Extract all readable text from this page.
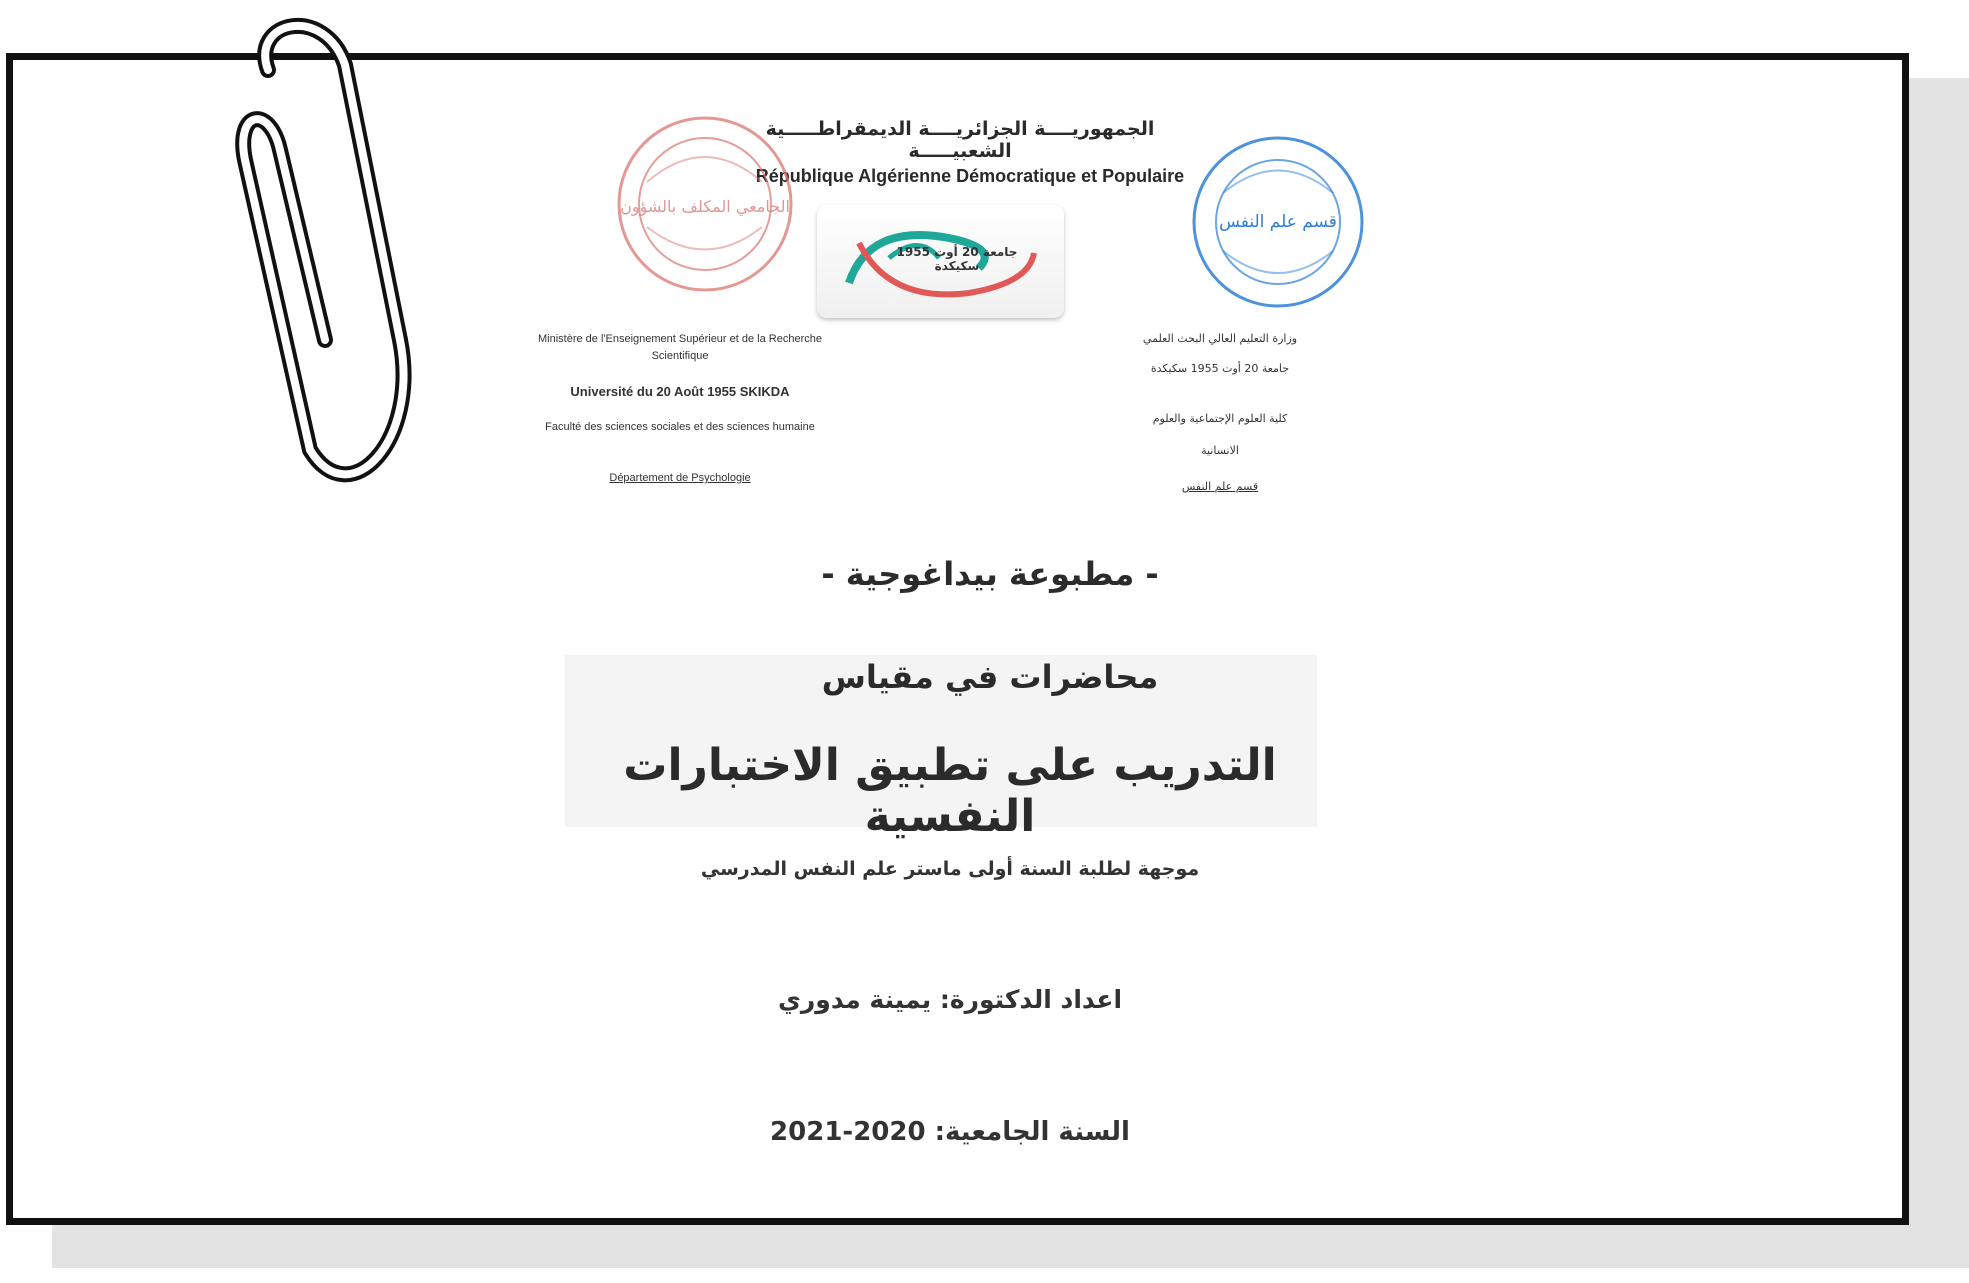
الجمهوريــــة الجزائريــــة الديمقراطـــــية الشعبيـــــة
République Algérienne Démocratique et Populaire
الجامعي المكلف بالشؤون
قسم علم النفس
جامعة 20 أوت 1955 سكيكدة
Ministère de l'Enseignement Supérieur et de la Recherche Scientifique
Université du 20 Août 1955 SKIKDA
Faculté des sciences sociales et des sciences humaine
Département de Psychologie
وزارة التعليم العالي البحث العلمي
جامعة 20 أوت 1955 سكيكدة
كلية العلوم الإجتماعية والعلوم
الانسانية
قسم علم النفس
- مطبوعة بيداغوجية -
محاضرات في مقياس
التدريب على تطبيق الاختبارات النفسية
موجهة لطلبة السنة أولى ماستر علم النفس المدرسي
اعداد الدكتورة: يمينة مدوري
السنة الجامعية: 2020-2021
